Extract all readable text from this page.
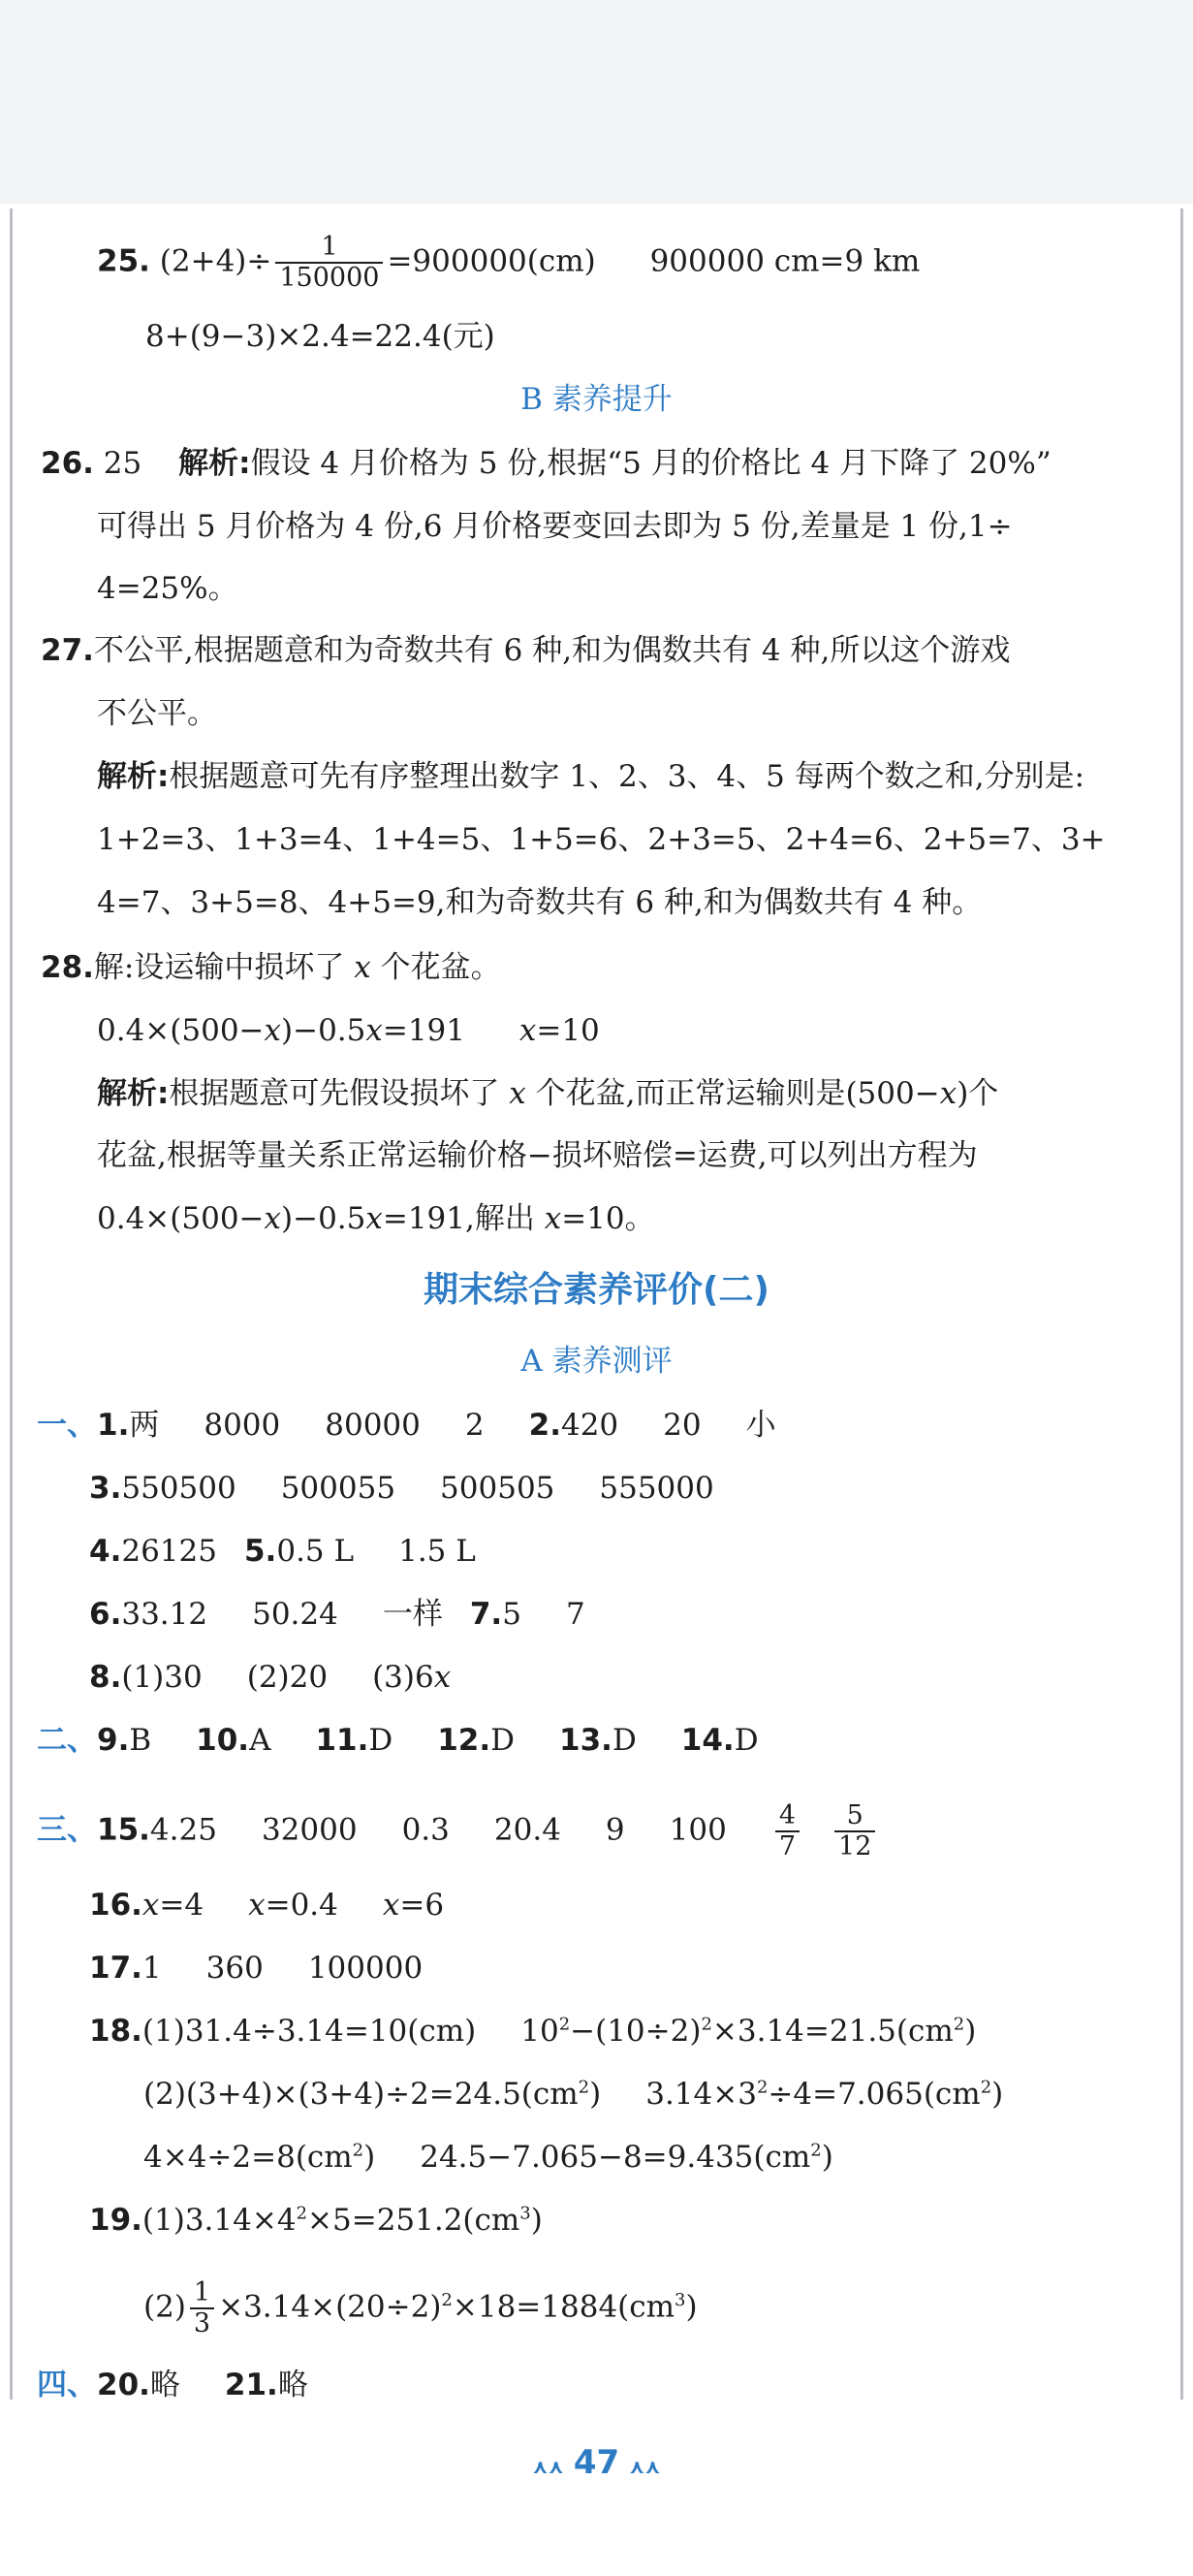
25. $(2+4)\div \frac{1}{150000} =900000(cm)$ 900000 cm=9 km
8+(9−3)×2.4=22.4(元)
B 素养提升
26. 25 解析:假设 4 月价格为 5 份,根据“5 月的价格比 4 月下降了 20%”
可得出 5 月价格为 4 份,6 月价格要变回去即为 5 份,差量是 1 份,1÷
4=25%。
27.不公平,根据题意和为奇数共有 6 种,和为偶数共有 4 种,所以这个游戏
不公平。
解析:根据题意可先有序整理出数字 1、2、3、4、5 每两个数之和,分别是:
1+2=3、1+3=4、1+4=5、1+5=6、2+3=5、2+4=6、2+5=7、3+
4=7、3+5=8、4+5=9,和为奇数共有 6 种,和为偶数共有 4 种。
28.解:设运输中损坏了 x 个花盆。
0.4×(500−x)−0.5x=191 x=10
解析:根据题意可先假设损坏了 x 个花盆,而正常运输则是(500−x)个
花盆,根据等量关系正常运输价格−损坏赔偿=运费,可以列出方程为
0.4×(500−x)−0.5x=191,解出 x=10。
期末综合素养评价(二)
A 素养测评
一、1.两 8000 80000 2 2.420 20 小
3.550500 500055 500505 555000
4.26125 5.0.5 L 1.5 L
6.33.12 50.24 一样 7.5 7
8.(1)30 (2)20 (3)6x
二、9.B 10.A 11.D 12.D 13.D 14.D
三、15.4.25 32000 0.3 20.4 9 $100 \frac{4}{7} \frac{5}{12}$
16.x=4 x=0.4 x=6
17.1 360 100000
18.(1)31.4÷3.14=10(cm) $10^2-(10\div 2)^2\times 3.14=21.5(cm^2)$
$(2)(3+4)\times(3+4)\div 2=24.5(cm^2)$ $3.14\times 3^2\div 4=7.065(cm^2)$
$4\times 4\div 2=8(cm^2)$ $24.5-7.065-8=9.435(cm^2)$
$19.(1)3.14\times 4^2\times 5=251.2(cm^3)$
$(2) \frac{1}{3} \times 3.14\times(20\div 2)^2\times 18=1884(cm^3)$
四、20.略 21.略
⋏⋏ 47 ⋏⋏
